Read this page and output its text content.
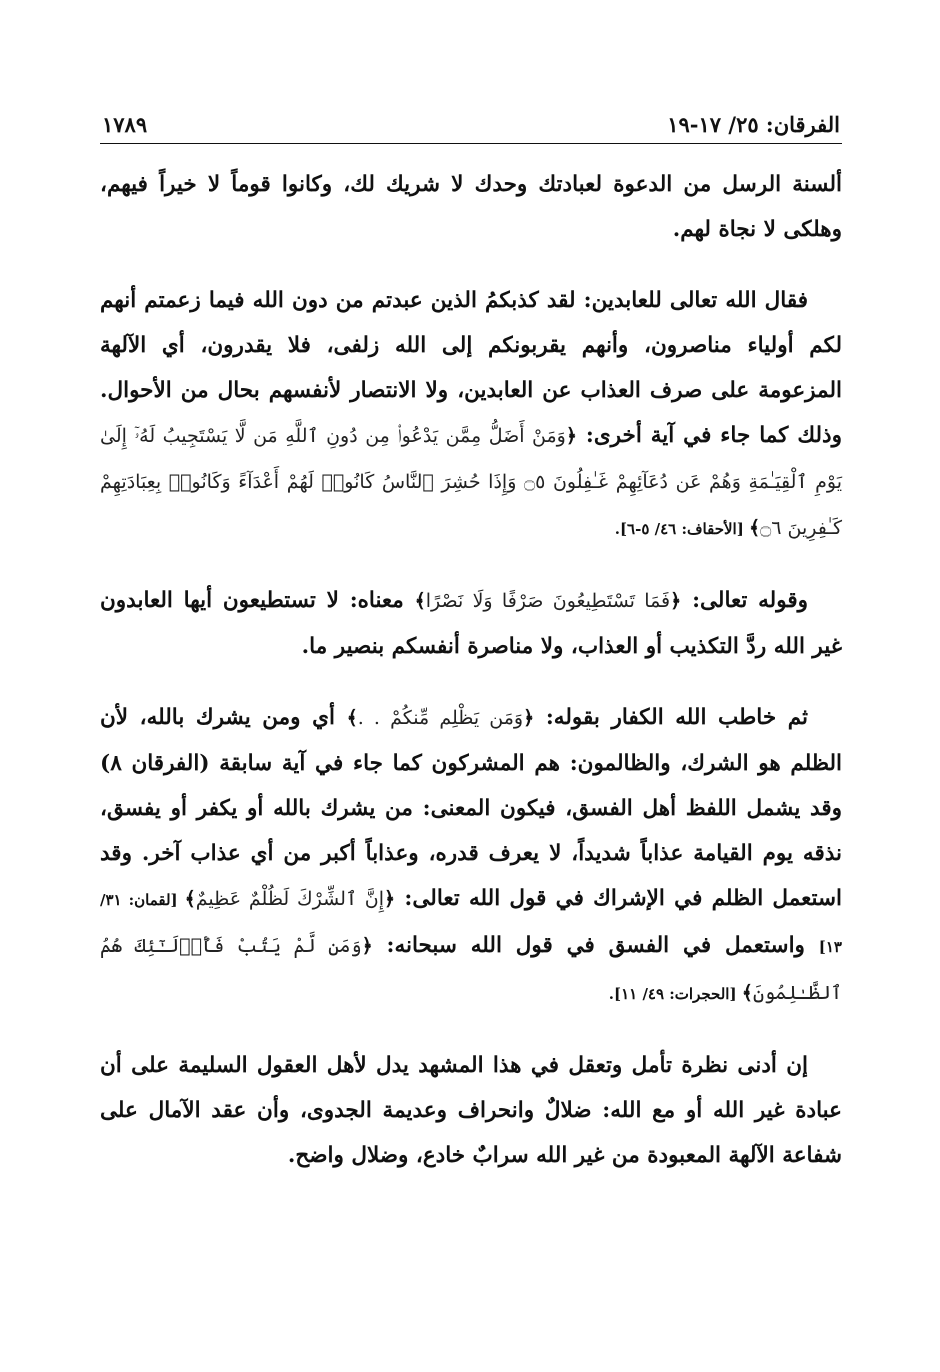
الفرقان: ٢٥/ ١٧-١٩
١٧٨٩

ألسنة الرسل من الدعوة لعبادتك وحدك لا شريك لك، وكانوا قوماً لا خيراً فيهم، وهلكى لا نجاة لهم.

فقال الله تعالى للعابدين: لقد كذبكمُ الذين عبدتم من دون الله فيما زعمتم أنهم لكم أولياء مناصرون، وأنهم يقربونكم إلى الله زلفى، فلا يقدرون، أي الآلهة المزعومة على صرف العذاب عن العابدين، ولا الانتصار لأنفسهم بحال من الأحوال. وذلك كما جاء في آية أخرى: ﴿وَمَنْ أَضَلُّ مِمَّن يَدْعُوا۟ مِن دُونِ ٱللَّهِ مَن لَّا يَسْتَجِيبُ لَهُۥٓ إِلَىٰ يَوْمِ ٱلْقِيَـٰمَةِ وَهُمْ عَن دُعَآئِهِمْ غَـٰفِلُونَ ۝٥ وَإِذَا حُشِرَ ٱلنَّاسُ كَانُوا۟ لَهُمْ أَعْدَآءً وَكَانُوا۟ بِعِبَادَتِهِمْ كَـٰفِرِينَ ۝٦﴾ [الأحقاف: ٤٦/ ٥-٦].

وقوله تعالى: ﴿فَمَا تَسْتَطِيعُونَ صَرْفًا وَلَا نَصْرًا﴾ معناه: لا تستطيعون أيها العابدون غير الله ردَّ التكذيب أو العذاب، ولا مناصرة أنفسكم بنصير ما.

ثم خاطب الله الكفار بقوله: ﴿وَمَن يَظْلِم مِّنكُمْ . .﴾ أي ومن يشرك بالله، لأن الظلم هو الشرك، والظالمون: هم المشركون كما جاء في آية سابقة (الفرقان ٨) وقد يشمل اللفظ أهل الفسق، فيكون المعنى: من يشرك بالله أو يكفر أو يفسق، نذقه يوم القيامة عذاباً شديداً، لا يعرف قدره، وعذاباً أكبر من أي عذاب آخر. وقد استعمل الظلم في الإشراك في قول الله تعالى: ﴿إِنَّ ٱلشِّرْكَ لَظُلْمٌ عَظِيمٌ﴾ [لقمان: ٣١/ ١٣] واستعمل في الفسق في قول الله سبحانه: ﴿وَمَن لَّمْ يَتُبْ فَأُو۟لَـٰٓئِكَ هُمُ ٱلظَّـٰلِمُونَ﴾ [الحجرات: ٤٩/ ١١].

إن أدنى نظرة تأمل وتعقل في هذا المشهد يدل لأهل العقول السليمة على أن عبادة غير الله أو مع الله: ضلالٌ وانحراف وعديمة الجدوى، وأن عقد الآمال على شفاعة الآلهة المعبودة من غير الله سرابٌ خادع، وضلال واضح.
